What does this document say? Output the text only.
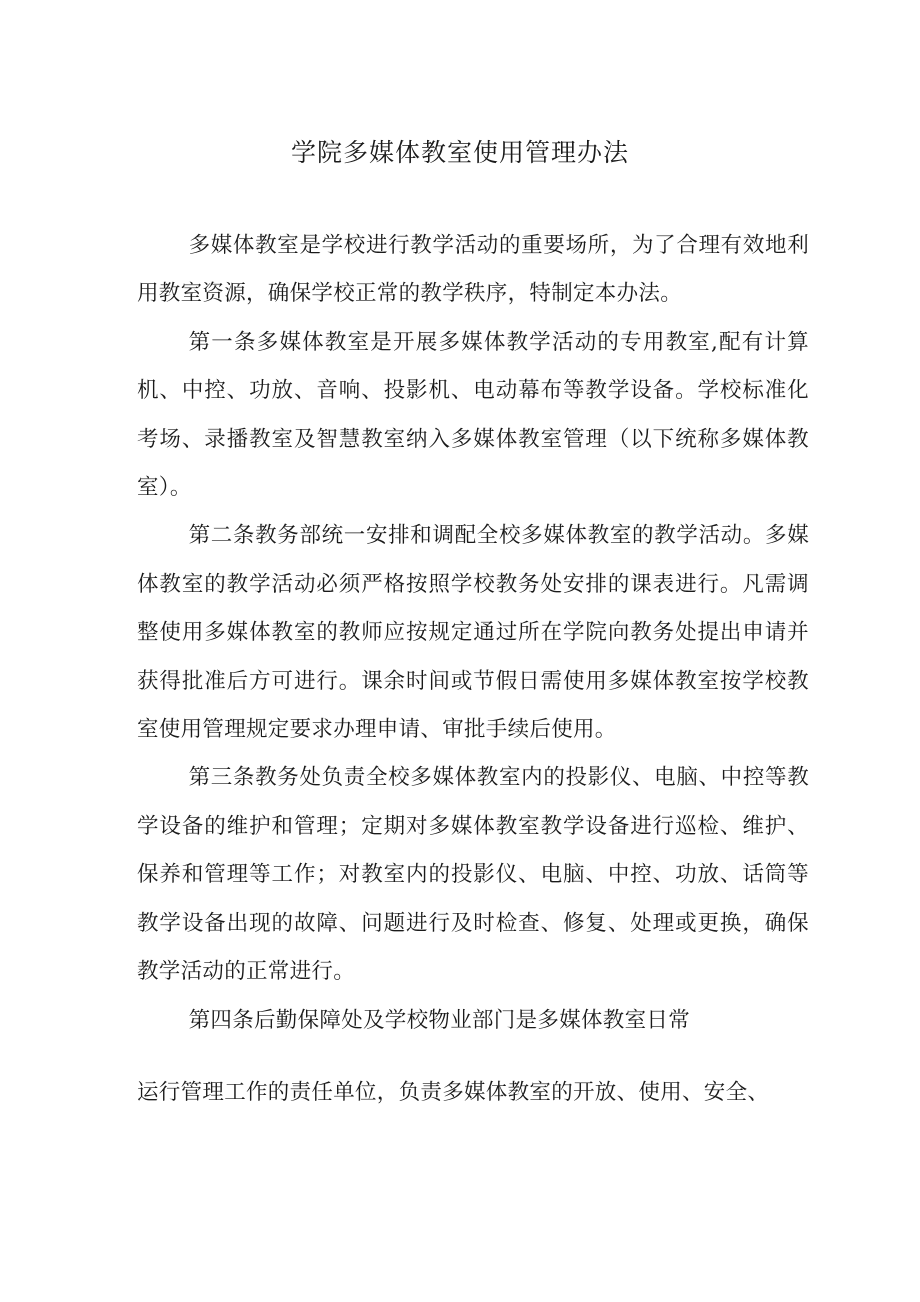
学院多媒体教室使用管理办法

多媒体教室是学校进行教学活动的重要场所，为了合理有效地利用教室资源，确保学校正常的教学秩序，特制定本办法。

第一条多媒体教室是开展多媒体教学活动的专用教室,配有计算机、中控、功放、音响、投影机、电动幕布等教学设备。学校标准化考场、录播教室及智慧教室纳入多媒体教室管理（以下统称多媒体教室）。

第二条教务部统一安排和调配全校多媒体教室的教学活动。多媒体教室的教学活动必须严格按照学校教务处安排的课表进行。凡需调整使用多媒体教室的教师应按规定通过所在学院向教务处提出申请并获得批准后方可进行。课余时间或节假日需使用多媒体教室按学校教室使用管理规定要求办理申请、审批手续后使用。

第三条教务处负责全校多媒体教室内的投影仪、电脑、中控等教学设备的维护和管理；定期对多媒体教室教学设备进行巡检、维护、保养和管理等工作；对教室内的投影仪、电脑、中控、功放、话筒等教学设备出现的故障、问题进行及时检查、修复、处理或更换，确保教学活动的正常进行。

第四条后勤保障处及学校物业部门是多媒体教室日常

运行管理工作的责任单位，负责多媒体教室的开放、使用、安全、
